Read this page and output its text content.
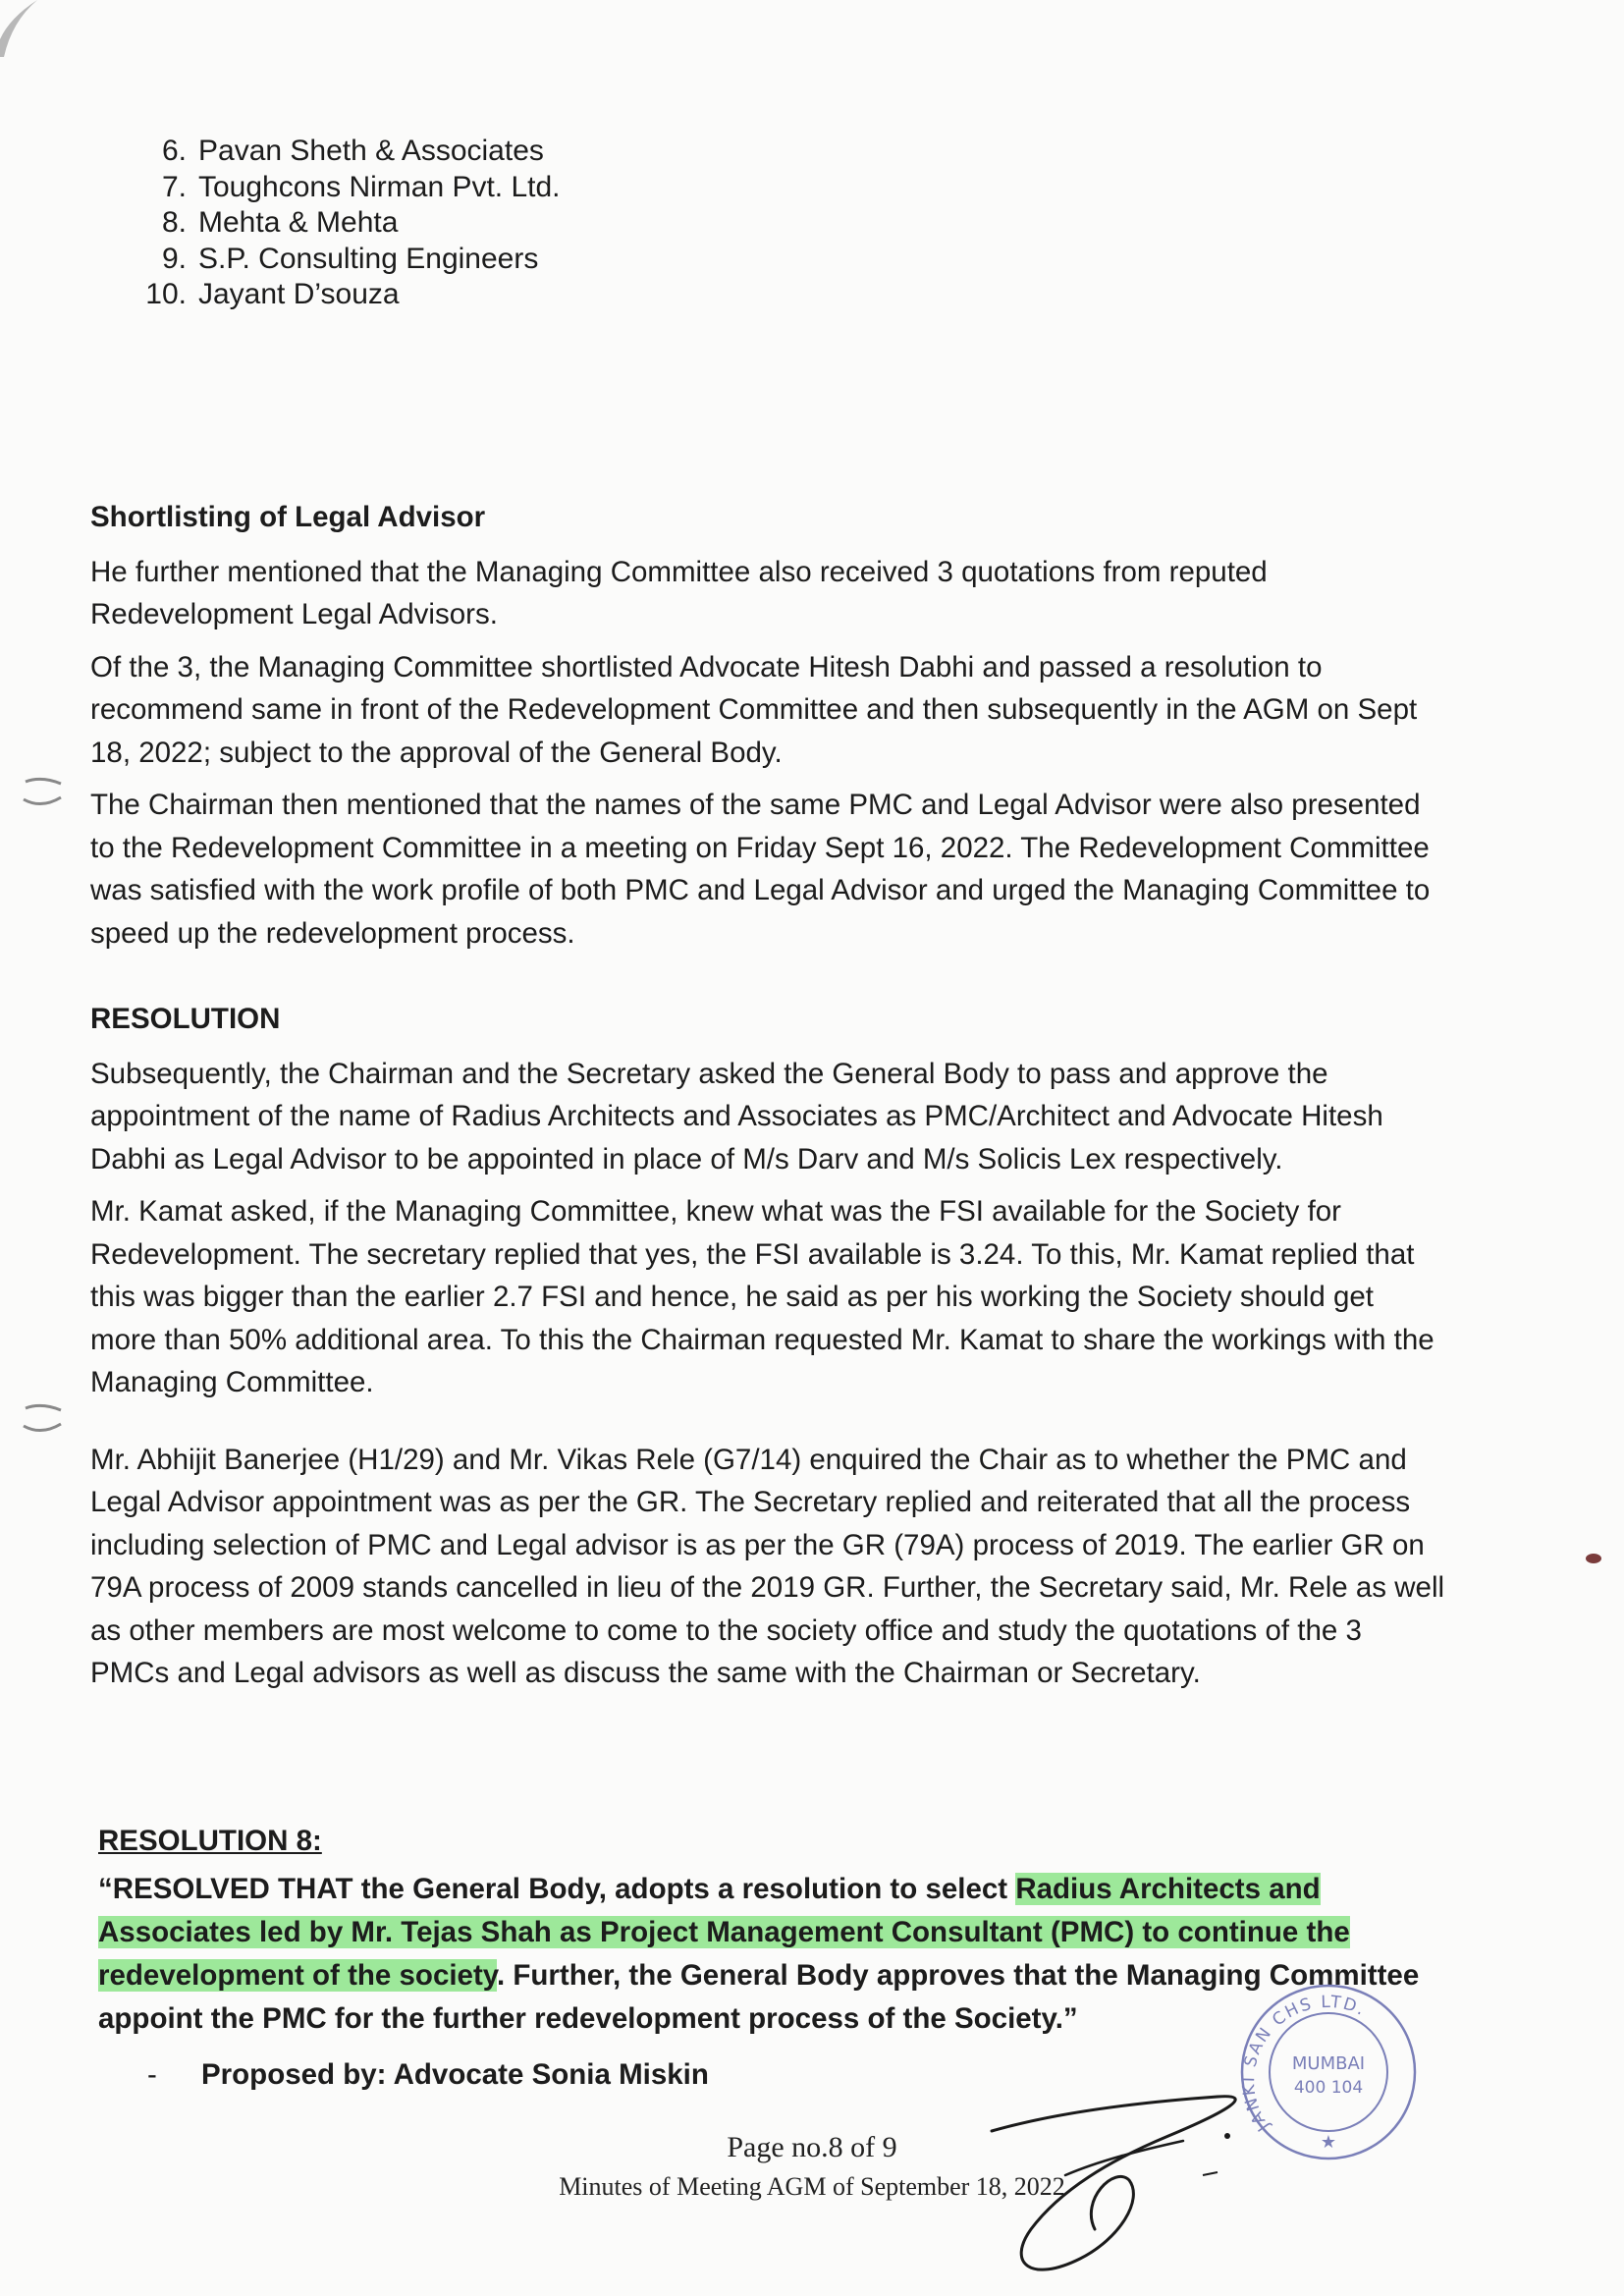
6. Pavan Sheth & Associates
7. Toughcons Nirman Pvt. Ltd.
8. Mehta & Mehta
9. S.P. Consulting Engineers
10. Jayant D’souza
Shortlisting of Legal Advisor

He further mentioned that the Managing Committee also received 3 quotations from reputed Redevelopment Legal Advisors.

Of the 3, the Managing Committee shortlisted Advocate Hitesh Dabhi and passed a resolution to recommend same in front of the Redevelopment Committee and then subsequently in the AGM on Sept 18, 2022; subject to the approval of the General Body.

The Chairman then mentioned that the names of the same PMC and Legal Advisor were also presented to the Redevelopment Committee in a meeting on Friday Sept 16, 2022. The Redevelopment Committee was satisfied with the work profile of both PMC and Legal Advisor and urged the Managing Committee to speed up the redevelopment process.

RESOLUTION

Subsequently, the Chairman and the Secretary asked the General Body to pass and approve the appointment of the name of Radius Architects and Associates as PMC/Architect and Advocate Hitesh Dabhi as Legal Advisor to be appointed in place of M/s Darv and M/s Solicis Lex respectively.

Mr. Kamat asked, if the Managing Committee, knew what was the FSI available for the Society for Redevelopment. The secretary replied that yes, the FSI available is 3.24. To this, Mr. Kamat replied that this was bigger than the earlier 2.7 FSI and hence, he said as per his working the Society should get more than 50% additional area. To this the Chairman requested Mr. Kamat to share the workings with the Managing Committee.

Mr. Abhijit Banerjee (H1/29) and Mr. Vikas Rele (G7/14) enquired the Chair as to whether the PMC and Legal Advisor appointment was as per the GR. The Secretary replied and reiterated that all the process including selection of PMC and Legal advisor is as per the GR (79A) process of 2019. The earlier GR on 79A process of 2009 stands cancelled in lieu of the 2019 GR. Further, the Secretary said, Mr. Rele as well as other members are most welcome to come to the society office and study the quotations of the 3 PMCs and Legal advisors as well as discuss the same with the Chairman or Secretary.

RESOLUTION 8:

“RESOLVED THAT the General Body, adopts a resolution to select Radius Architects and Associates led by Mr. Tejas Shah as Project Management Consultant (PMC) to continue the redevelopment of the society. Further, the General Body approves that the Managing Committee appoint the PMC for the further redevelopment process of the Society.”

- Proposed by: Advocate Sonia Miskin
Page no.8 of 9
Minutes of Meeting AGM of September 18, 2022
JANKI SAN CHS LTD.
MUMBAI
400 104
★
